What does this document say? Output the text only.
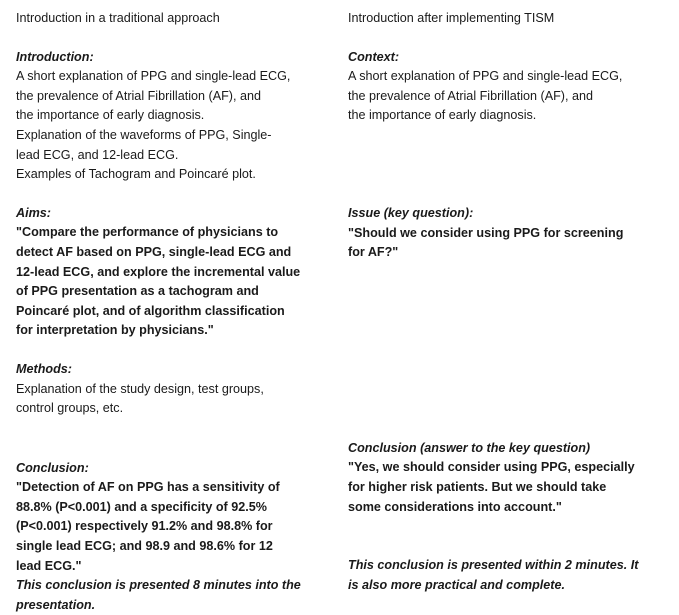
Introduction in a traditional approach
Introduction:
A short explanation of PPG and single-lead ECG,
the prevalence of Atrial Fibrillation (AF), and
the importance of early diagnosis.
Explanation of the waveforms of PPG, Single-
lead ECG, and 12-lead ECG.
Examples of Tachogram and Poincaré plot.
Aims:
"Compare the performance of physicians to
detect AF based on PPG, single-lead ECG and
12-lead ECG, and explore the incremental value
of PPG presentation as a tachogram and
Poincaré plot, and of algorithm classification
for interpretation by physicians."
Methods:
Explanation of the study design, test groups,
control groups, etc.
Conclusion:
"Detection of AF on PPG has a sensitivity of
88.8% (P<0.001) and a specificity of 92.5%
(P<0.001) respectively 91.2% and 98.8% for
single lead ECG; and 98.9 and 98.6% for 12
lead ECG."
This conclusion is presented 8 minutes into the
presentation.
Introduction after implementing TISM
Context:
A short explanation of PPG and single-lead ECG,
the prevalence of Atrial Fibrillation (AF), and
the importance of early diagnosis.
Issue (key question):
"Should we consider using PPG for screening
for AF?"
Conclusion (answer to the key question)
"Yes, we should consider using PPG, especially
for higher risk patients. But we should take
some considerations into account."
This conclusion is presented within 2 minutes. It
is also more practical and complete.
